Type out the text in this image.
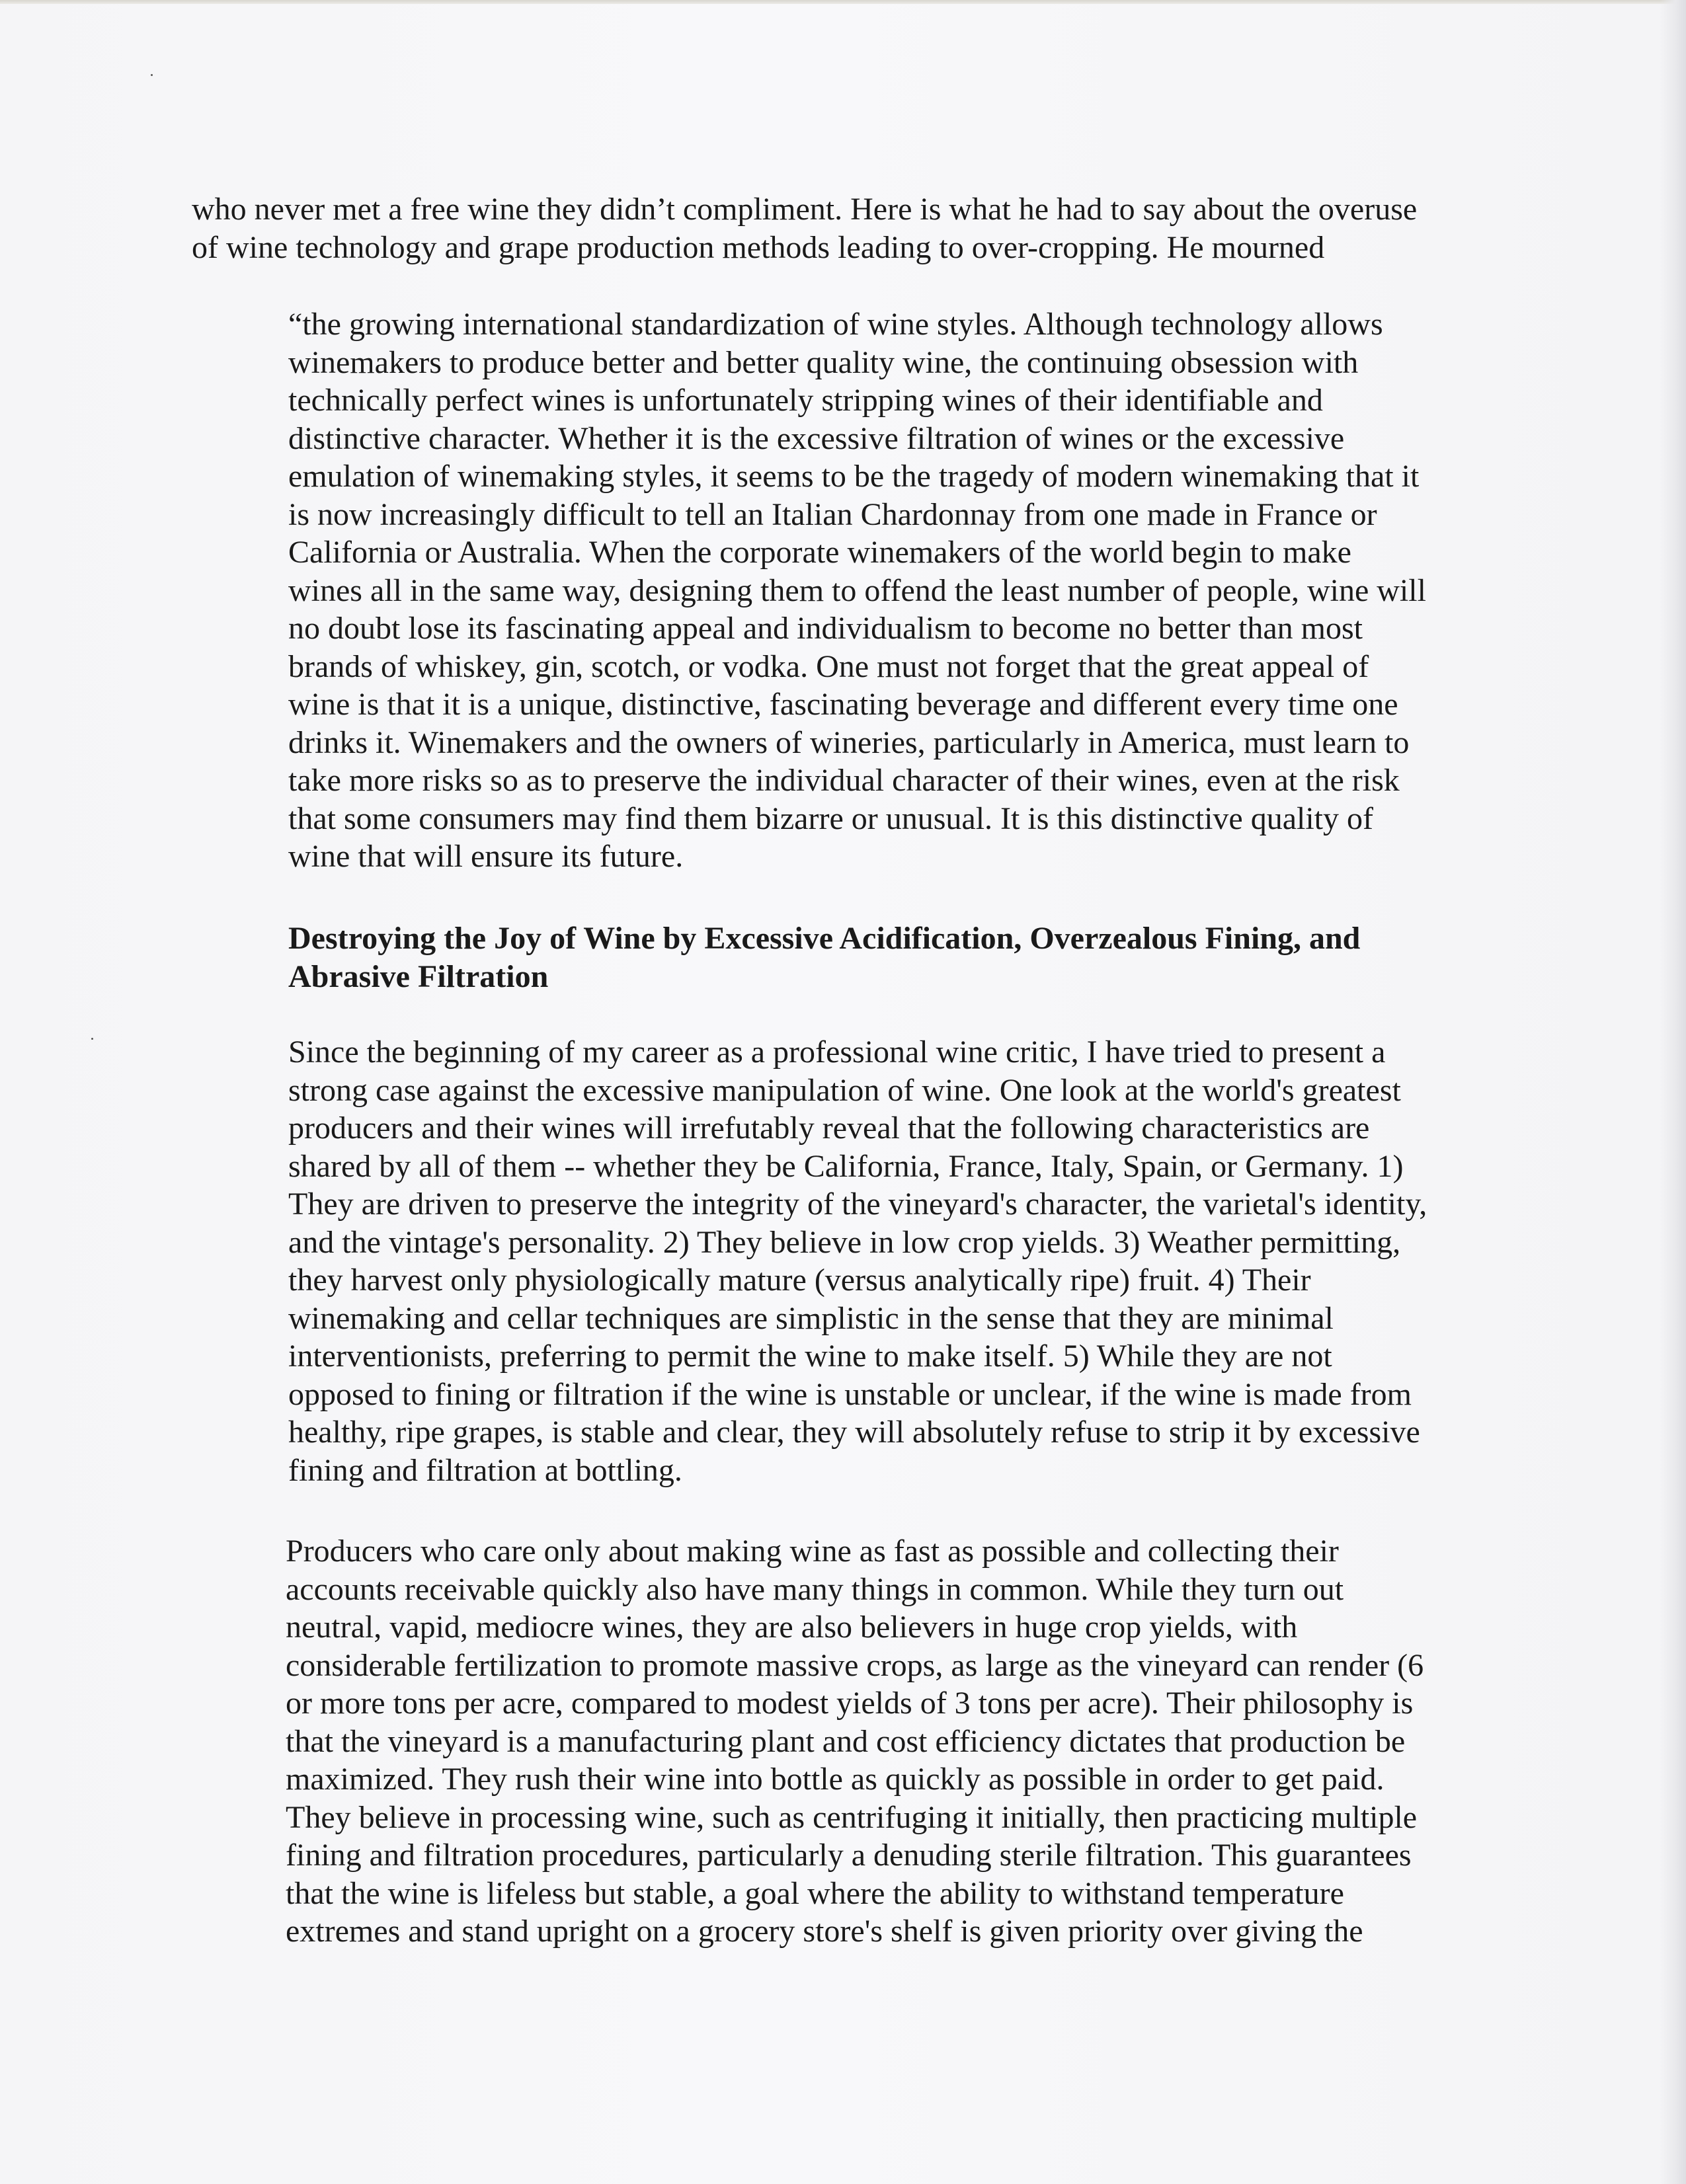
who never met a free wine they didn’t compliment. Here is what he had to say about the overuse
of wine technology and grape production methods leading to over-cropping. He mourned

“the growing international standardization of wine styles. Although technology allows
winemakers to produce better and better quality wine, the continuing obsession with
technically perfect wines is unfortunately stripping wines of their identifiable and
distinctive character. Whether it is the excessive filtration of wines or the excessive
emulation of winemaking styles, it seems to be the tragedy of modern winemaking that it
is now increasingly difficult to tell an Italian Chardonnay from one made in France or
California or Australia. When the corporate winemakers of the world begin to make
wines all in the same way, designing them to offend the least number of people, wine will
no doubt lose its fascinating appeal and individualism to become no better than most
brands of whiskey, gin, scotch, or vodka. One must not forget that the great appeal of
wine is that it is a unique, distinctive, fascinating beverage and different every time one
drinks it. Winemakers and the owners of wineries, particularly in America, must learn to
take more risks so as to preserve the individual character of their wines, even at the risk
that some consumers may find them bizarre or unusual. It is this distinctive quality of
wine that will ensure its future.

Destroying the Joy of Wine by Excessive Acidification, Overzealous Fining, and
Abrasive Filtration

Since the beginning of my career as a professional wine critic, I have tried to present a
strong case against the excessive manipulation of wine. One look at the world's greatest
producers and their wines will irrefutably reveal that the following characteristics are
shared by all of them -- whether they be California, France, Italy, Spain, or Germany. 1)
They are driven to preserve the integrity of the vineyard's character, the varietal's identity,
and the vintage's personality. 2) They believe in low crop yields. 3) Weather permitting,
they harvest only physiologically mature (versus analytically ripe) fruit. 4) Their
winemaking and cellar techniques are simplistic in the sense that they are minimal
interventionists, preferring to permit the wine to make itself. 5) While they are not
opposed to fining or filtration if the wine is unstable or unclear, if the wine is made from
healthy, ripe grapes, is stable and clear, they will absolutely refuse to strip it by excessive
fining and filtration at bottling.

Producers who care only about making wine as fast as possible and collecting their
accounts receivable quickly also have many things in common. While they turn out
neutral, vapid, mediocre wines, they are also believers in huge crop yields, with
considerable fertilization to promote massive crops, as large as the vineyard can render (6
or more tons per acre, compared to modest yields of 3 tons per acre). Their philosophy is
that the vineyard is a manufacturing plant and cost efficiency dictates that production be
maximized. They rush their wine into bottle as quickly as possible in order to get paid.
They believe in processing wine, such as centrifuging it initially, then practicing multiple
fining and filtration procedures, particularly a denuding sterile filtration. This guarantees
that the wine is lifeless but stable, a goal where the ability to withstand temperature
extremes and stand upright on a grocery store's shelf is given priority over giving the
